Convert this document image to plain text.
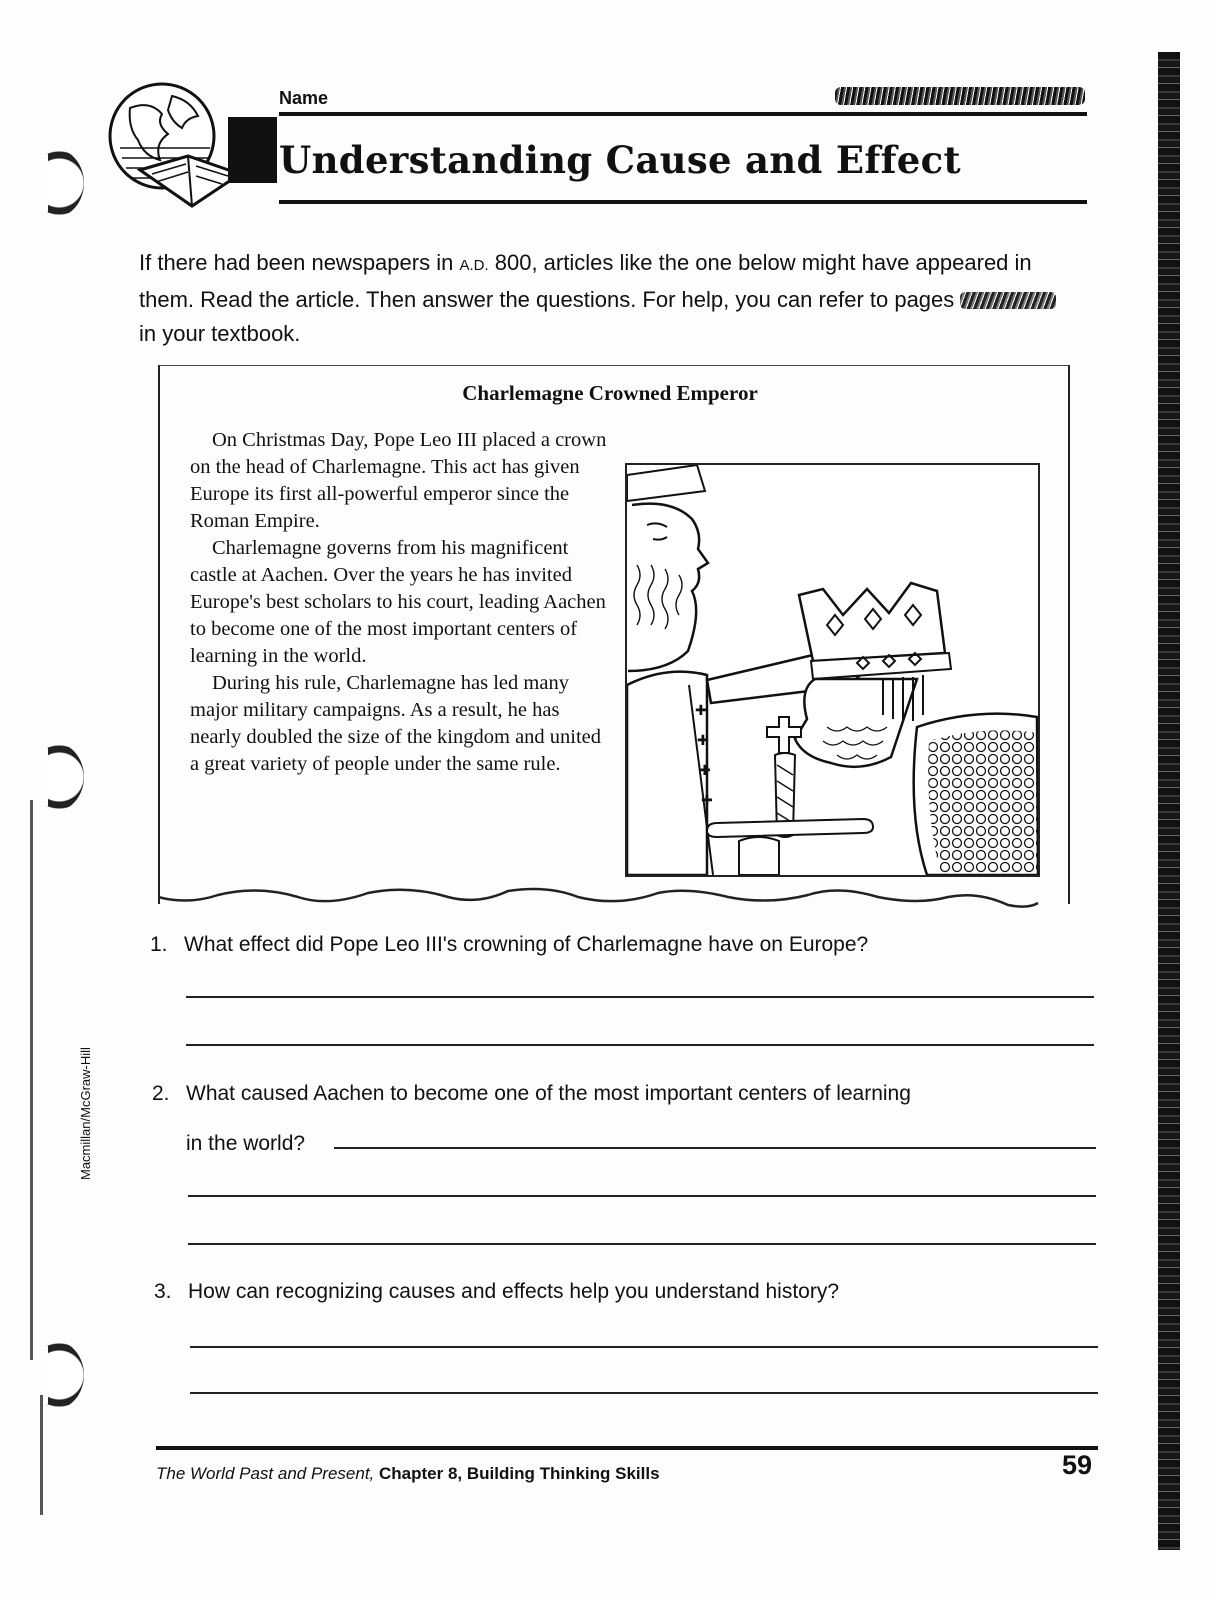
Name
Understanding Cause and Effect
If there had been newspapers in A.D. 800, articles like the one below might have appeared in them. Read the article. Then answer the questions. For help, you can refer to pages  in your textbook.
Charlemagne Crowned Emperor

On Christmas Day, Pope Leo III placed a crown on the head of Charlemagne. This act has given Europe its first all-powerful emperor since the Roman Empire.

Charlemagne governs from his magnificent castle at Aachen. Over the years he has invited Europe's best scholars to his court, leading Aachen to become one of the most important centers of learning in the world.

During his rule, Charlemagne has led many major military campaigns. As a result, he has nearly doubled the size of the kingdom and united a great variety of people under the same rule.

✚
✚
✚
✚
1. What effect did Pope Leo III's crowning of Charlemagne have on Europe?
2. What caused Aachen to become one of the most important centers of learning
in the world?
3. How can recognizing causes and effects help you understand history?
Macmillan/McGraw-Hill
The World Past and Present, Chapter 8, Building Thinking Skills	59
